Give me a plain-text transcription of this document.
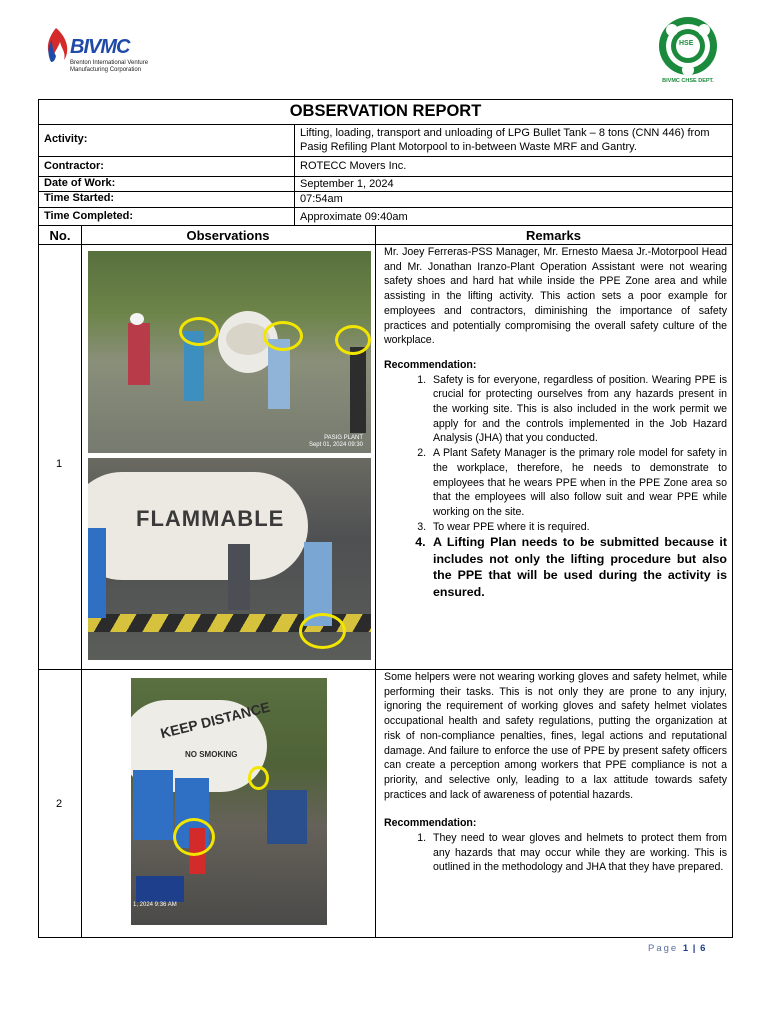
BIVMC
Brenton International Venture
Manufacturing Corporation
HSE
BIVMC CHSE DEPT.
OBSERVATION REPORT
Activity:	Lifting, loading, transport and unloading of LPG Bullet Tank – 8 tons (CNN 446) from Pasig Refiling Plant Motorpool to in-between Waste MRF and Gantry.
Contractor:	ROTECC Movers Inc.
Date of Work:	September 1, 2024
Time Started:	07:54am
Time Completed:	Approximate 09:40am
No.	Observations	Remarks
1
PASIG PLANT
Sept 01, 2024 09:30
FLAMMABLE

Mr. Joey Ferreras-PSS Manager, Mr. Ernesto Maesa Jr.-Motorpool Head and Mr. Jonathan Iranzo-Plant Operation Assistant were not wearing safety shoes and hard hat while inside the PPE Zone area and while assisting in the lifting activity. This action sets a poor example for employees and contractors, diminishing the importance of safety practices and potentially compromising the overall safety culture of the workplace.

Recommendation:

1. Safety is for everyone, regardless of position. Wearing PPE is crucial for protecting ourselves from any hazards present in the working site. This is also included in the work permit we apply for and the controls implemented in the Job Hazard Analysis (JHA) that you conducted.
2. A Plant Safety Manager is the primary role model for safety in the workplace, therefore, he needs to demonstrate to employees that he wears PPE when in the PPE Zone area so that the employees will also follow suit and wear PPE while working on the site.
3. To wear PPE where it is required.
4. A Lifting Plan needs to be submitted because it includes not only the lifting procedure but also the PPE that will be used during the activity is ensured.
2
KEEP DISTANCE
NO SMOKING
1, 2024 9:36 AM

Some helpers were not wearing working gloves and safety helmet, while performing their tasks. This is not only they are prone to any injury, ignoring the requirement of working gloves and safety helmet violates occupational health and safety regulations, putting the organization at risk of non-compliance penalties, fines, legal actions and reputational damage. And failure to enforce the use of PPE by present safety officers can create a perception among workers that PPE compliance is not a priority, and selective only, leading to a lax attitude towards safety practices and lack of awareness of potential hazards.

Recommendation:

1. They need to wear gloves and helmets to protect them from any hazards that may occur while they are working. This is outlined in the methodology and JHA that they have prepared.
Page 1 | 6
